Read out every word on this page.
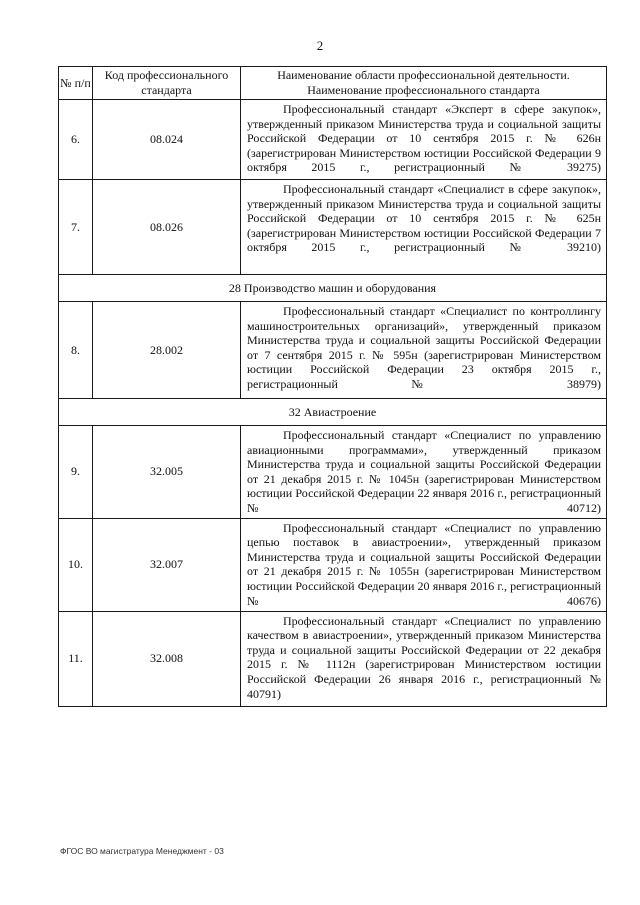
2
№ п/п	Код профессионального стандарта	Наименование области профессиональной деятельности. Наименование профессионального стандарта
6.	08.024	Профессиональный стандарт «Эксперт в сфере закупок», утвержденный приказом Министерства труда и социальной защиты Российской Федерации от 10 сентября 2015 г. № 626н (зарегистрирован Министерством юстиции Российской Федерации 9 октября 2015 г., регистрационный № 39275)

7.	08.026	Профессиональный стандарт «Специалист в сфере закупок», утвержденный приказом Министерства труда и социальной защиты Российской Федерации от 10 сентября 2015 г. № 625н (зарегистрирован Министерством юстиции Российской Федерации 7 октября 2015 г., регистрационный № 39210)

28 Производство машин и оборудования		
8.	28.002	Профессиональный стандарт «Специалист по контроллингу машиностроительных организаций», утвержденный приказом Министерства труда и социальной защиты Российской Федерации от 7 сентября 2015 г. № 595н (зарегистрирован Министерством юстиции Российской Федерации 23 октября 2015 г., регистрационный № 38979)

32 Авиастроение		
9.	32.005	Профессиональный стандарт «Специалист по управлению авиационными программами», утвержденный приказом Министерства труда и социальной защиты Российской Федерации от 21 декабря 2015 г. № 1045н (зарегистрирован Министерством юстиции Российской Федерации 22 января 2016 г., регистрационный № 40712)

10.	32.007	Профессиональный стандарт «Специалист по управлению цепью поставок в авиастроении», утвержденный приказом Министерства труда и социальной защиты Российской Федерации от 21 декабря 2015 г. № 1055н (зарегистрирован Министерством юстиции Российской Федерации 20 января 2016 г., регистрационный № 40676)

11.	32.008	Профессиональный стандарт «Специалист по управлению качеством в авиастроении», утвержденный приказом Министерства труда и социальной защиты Российской Федерации от 22 декабря 2015 г. № 1112н (зарегистрирован Министерством юстиции Российской Федерации 26 января 2016 г., регистрационный № 40791)
ФГОС ВО магистратура Менеджмент - 03
